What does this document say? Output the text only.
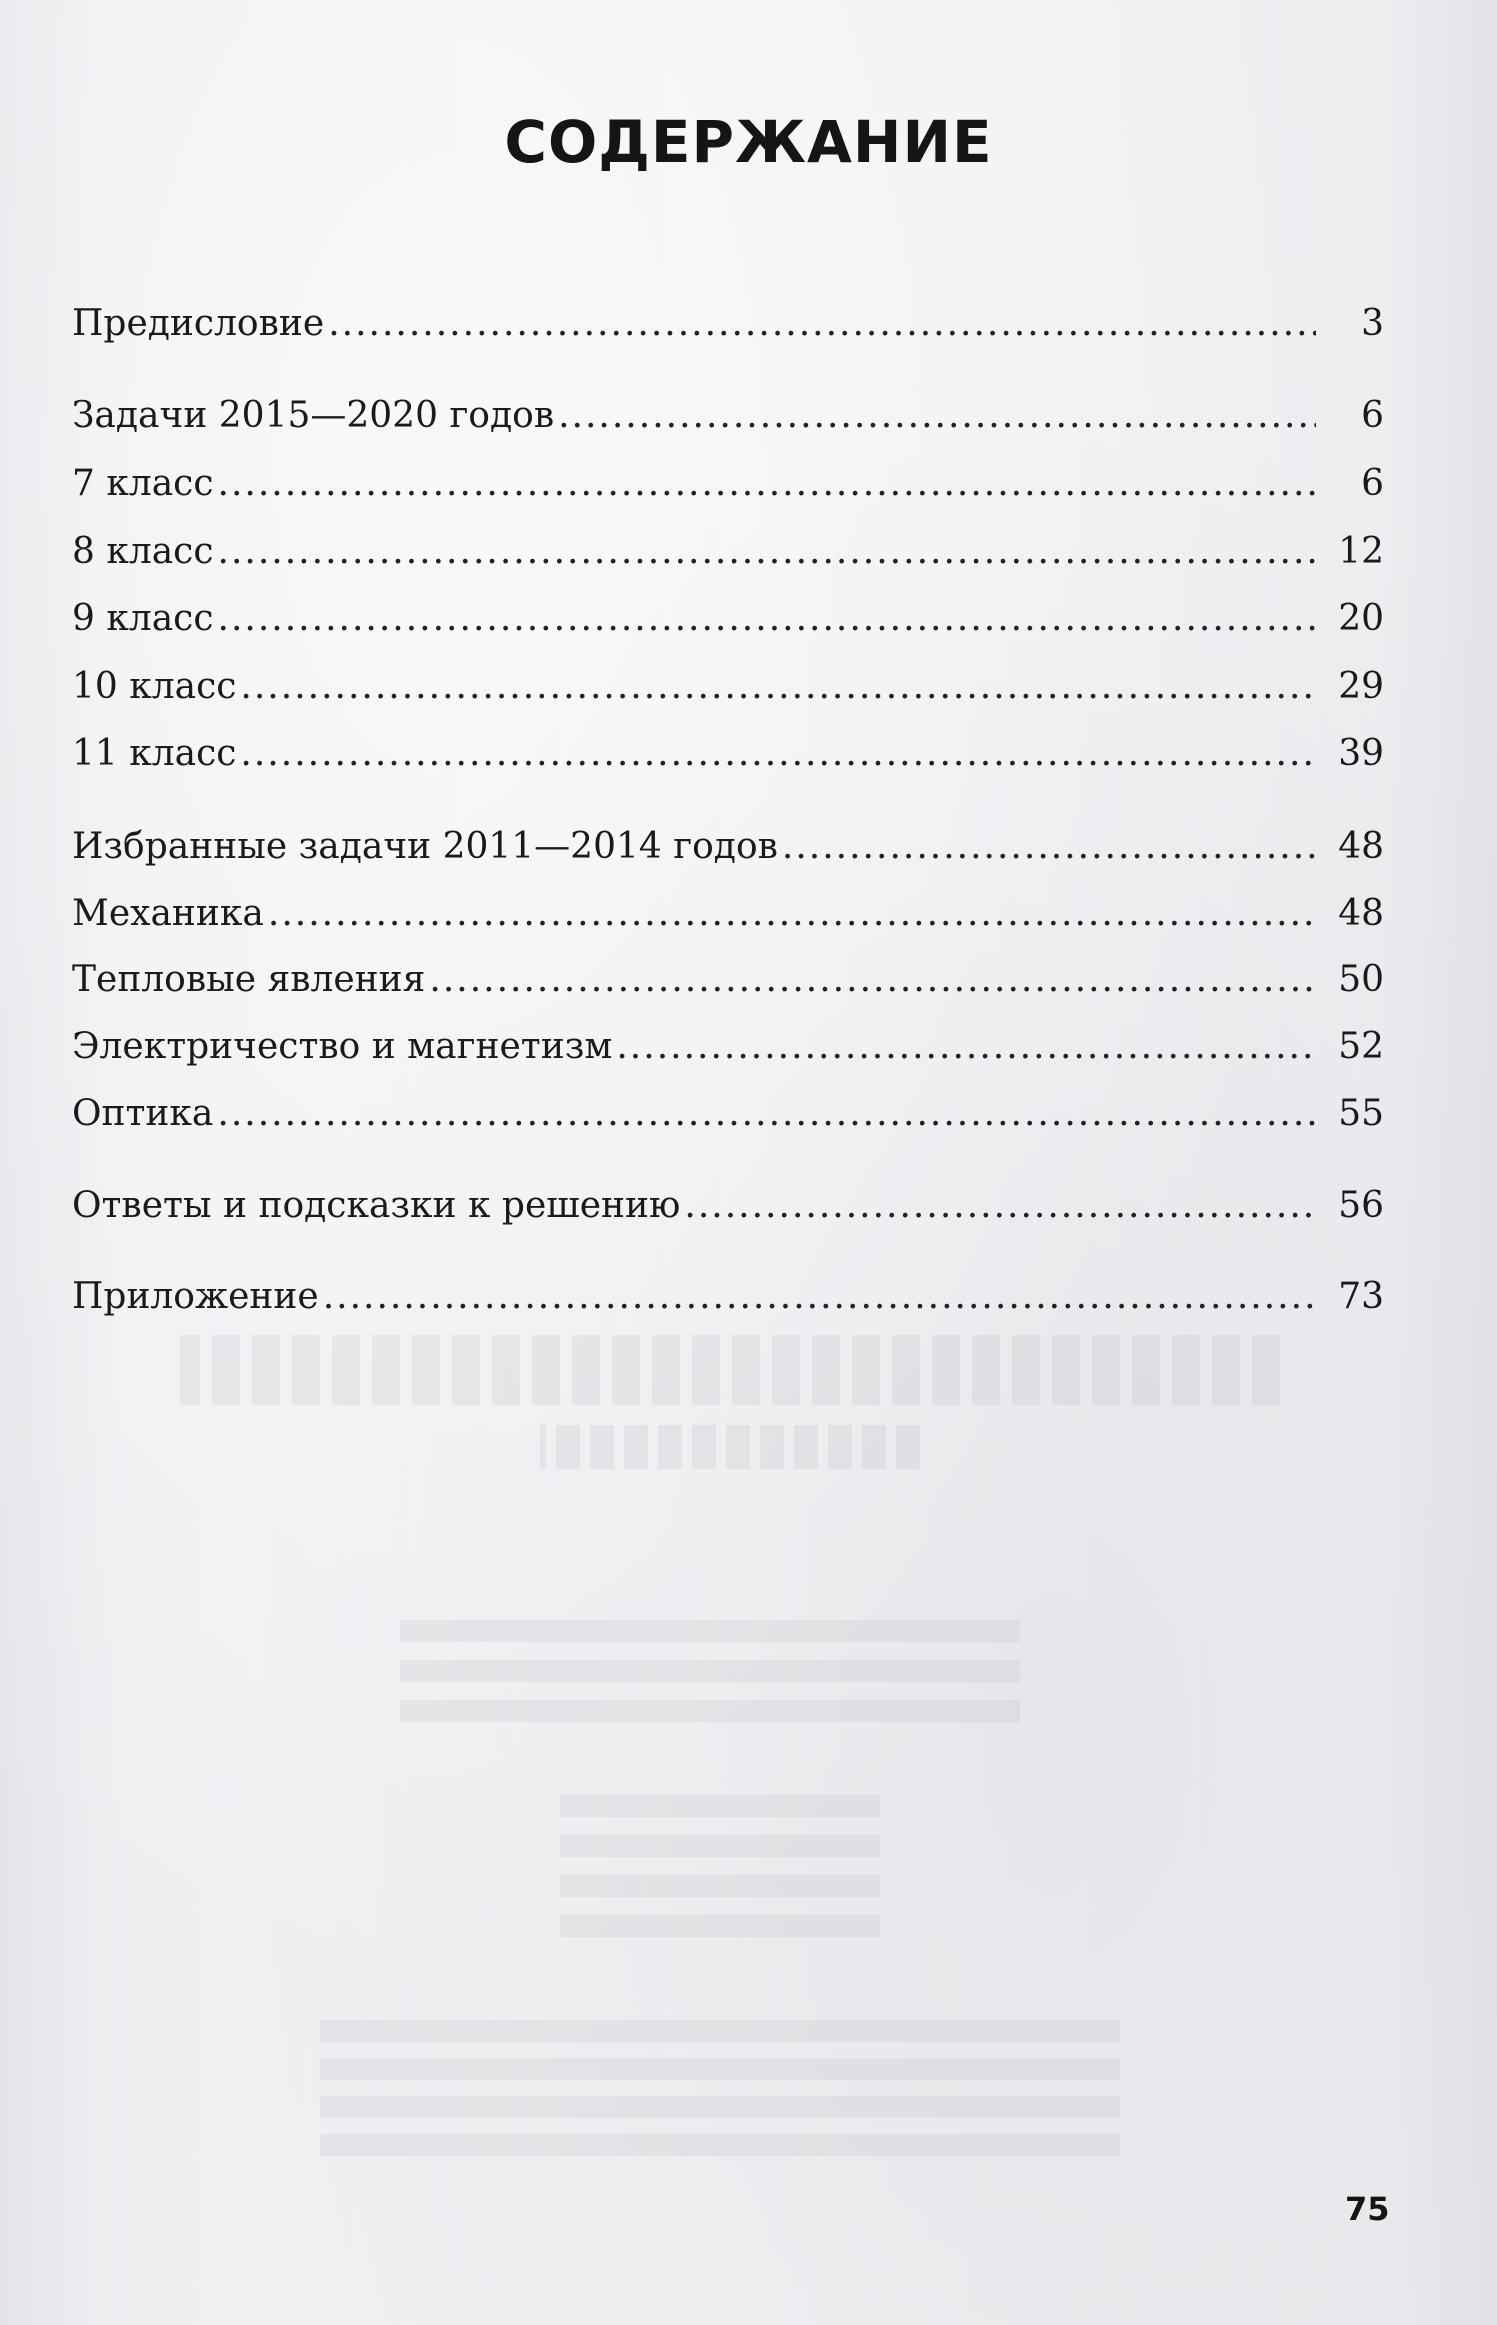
СОДЕРЖАНИЕ
Предисловие .....	3
Задачи 2015—2020 годов .....	6
7 класс .....	6
8 класс .....	12
9 класс .....	20
10 класс .....	29
11 класс .....	39
Избранные задачи 2011—2014 годов .....	48
Механика .....	48
Тепловые явления .....	50
Электричество и магнетизм .....	52
Оптика .....	55
Ответы и подсказки к решению .....	56
Приложение .....	73
75
